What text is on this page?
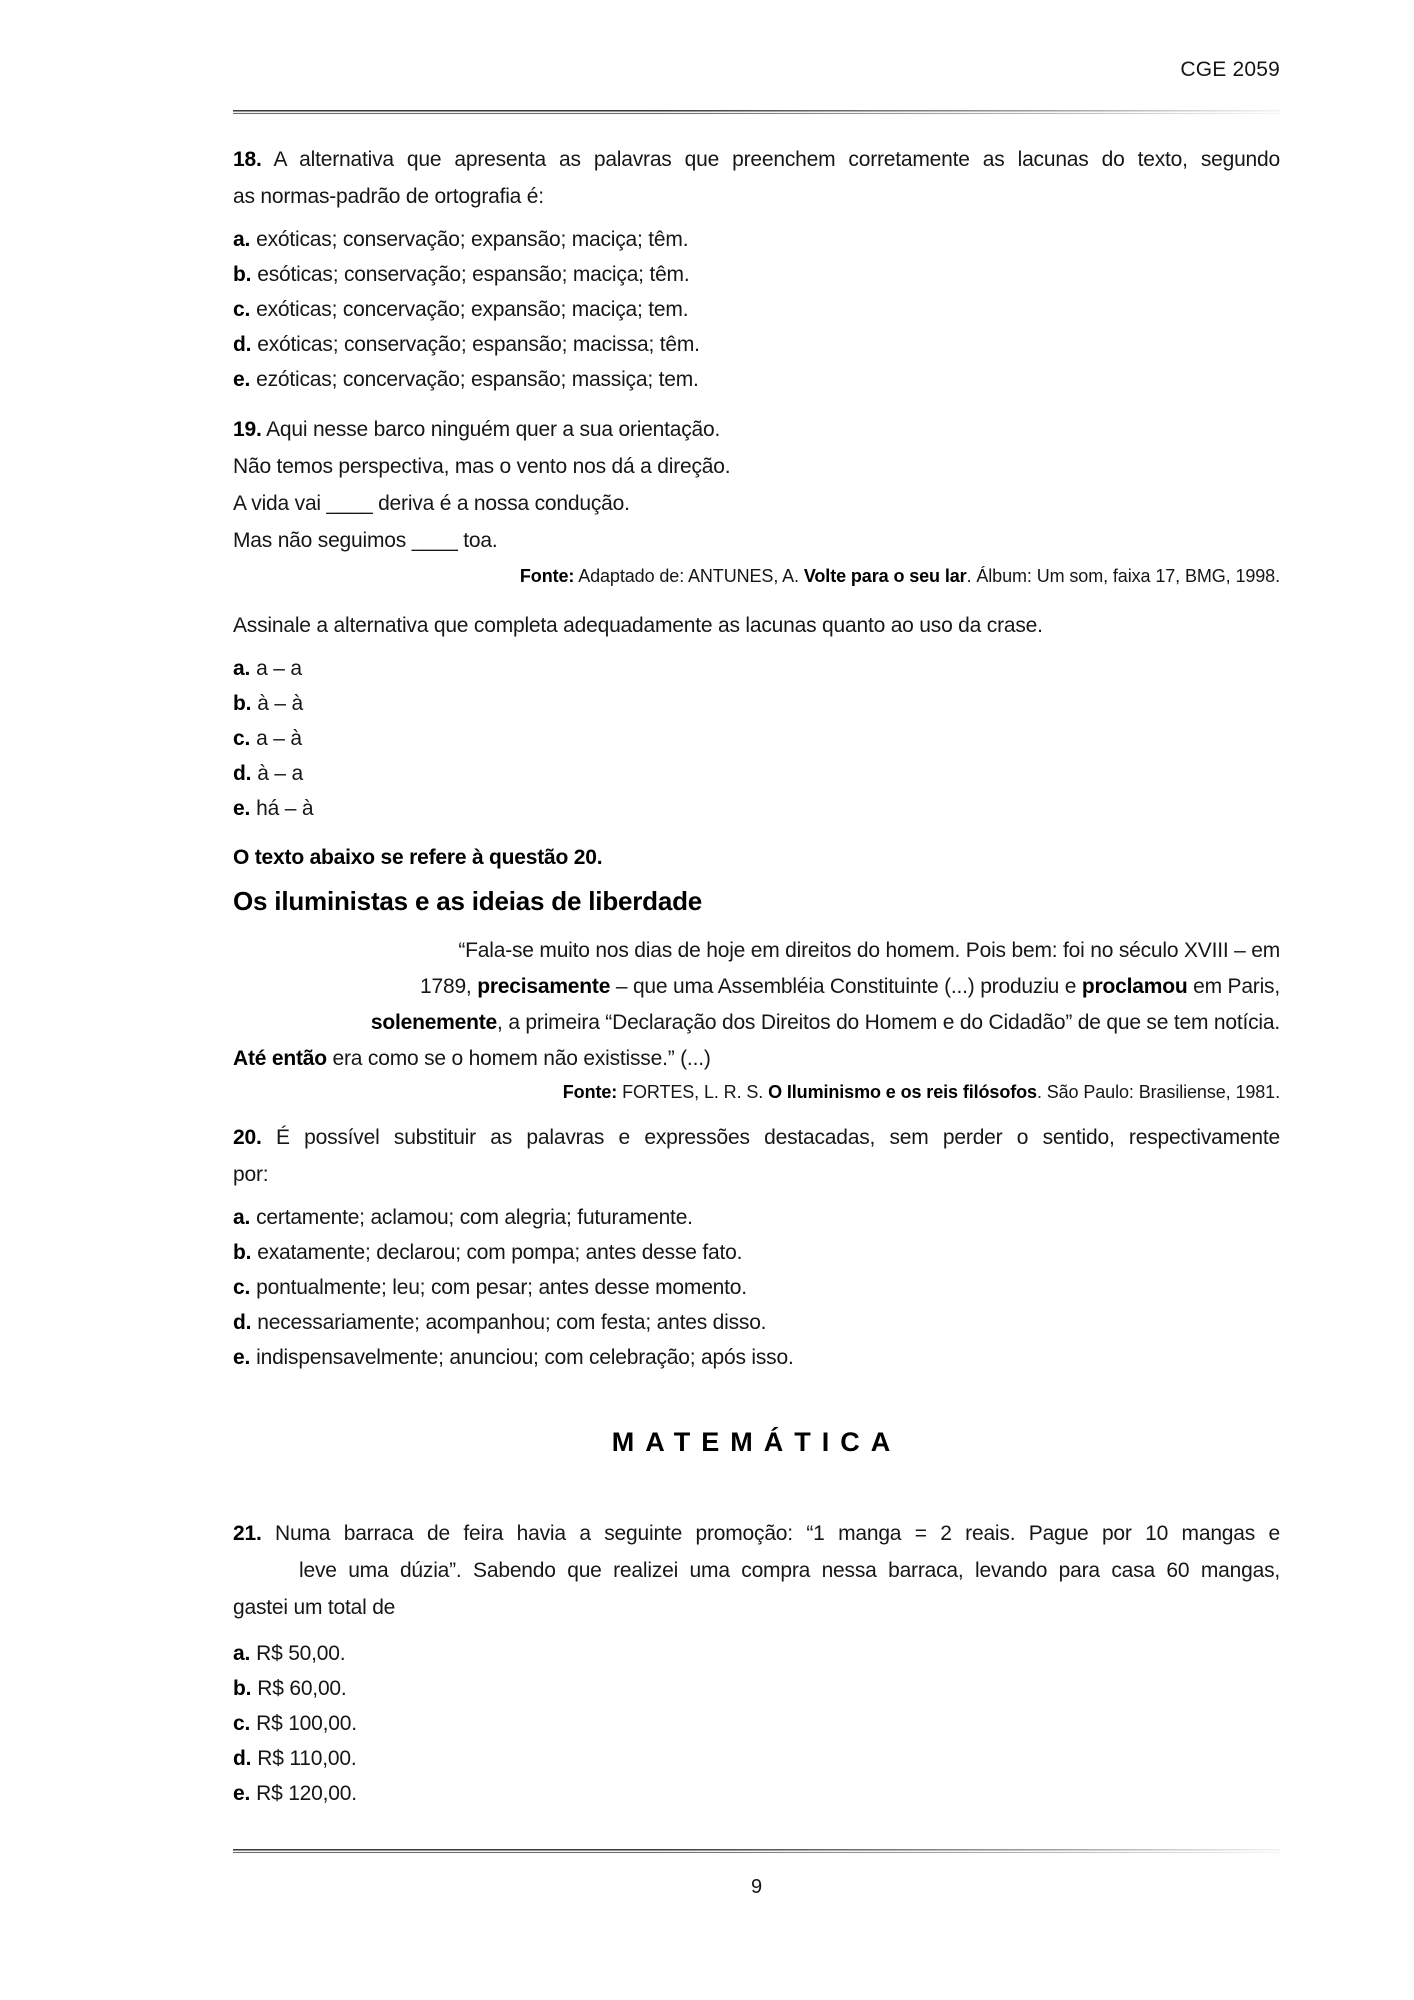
CGE 2059
18. A alternativa que apresenta as palavras que preenchem corretamente as lacunas do texto, segundo
as normas-padrão de ortografia é:
a. exóticas; conservação; expansão; maciça; têm.
b. esóticas; conservação; espansão; maciça; têm.
c. exóticas; concervação; expansão; maciça; tem.
d. exóticas; conservação; espansão; macissa; têm.
e. ezóticas; concervação; espansão; massiça; tem.
19. Aqui nesse barco ninguém quer a sua orientação.
Não temos perspectiva, mas o vento nos dá a direção.
A vida vai ____ deriva é a nossa condução.
Mas não seguimos ____ toa.
Fonte: Adaptado de: ANTUNES, A. Volte para o seu lar. Álbum: Um som, faixa 17, BMG, 1998.
Assinale a alternativa que completa adequadamente as lacunas quanto ao uso da crase.
a. a – a
b. à – à
c. a – à
d. à – a
e. há – à
O texto abaixo se refere à questão 20.
Os iluministas e as ideias de liberdade
“Fala-se muito nos dias de hoje em direitos do homem. Pois bem: foi no século XVIII – em
1789, precisamente – que uma Assembléia Constituinte (...) produziu e proclamou em Paris,
solenemente, a primeira “Declaração dos Direitos do Homem e do Cidadão” de que se tem notícia.
Até então era como se o homem não existisse.” (...)
Fonte: FORTES, L. R. S. O Iluminismo e os reis filósofos. São Paulo: Brasiliense, 1981.
20. É possível substituir as palavras e expressões destacadas, sem perder o sentido, respectivamente
por:
a. certamente; aclamou; com alegria; futuramente.
b. exatamente; declarou; com pompa; antes desse fato.
c. pontualmente; leu; com pesar; antes desse momento.
d. necessariamente; acompanhou; com festa; antes disso.
e. indispensavelmente; anunciou; com celebração; após isso.
MATEMÁTICA
21. Numa barraca de feira havia a seguinte promoção: “1 manga = 2 reais. Pague por 10 mangas e
leve uma dúzia”. Sabendo que realizei uma compra nessa barraca, levando para casa 60 mangas,
gastei um total de
a. R$ 50,00.
b. R$ 60,00.
c. R$ 100,00.
d. R$ 110,00.
e. R$ 120,00.
9
